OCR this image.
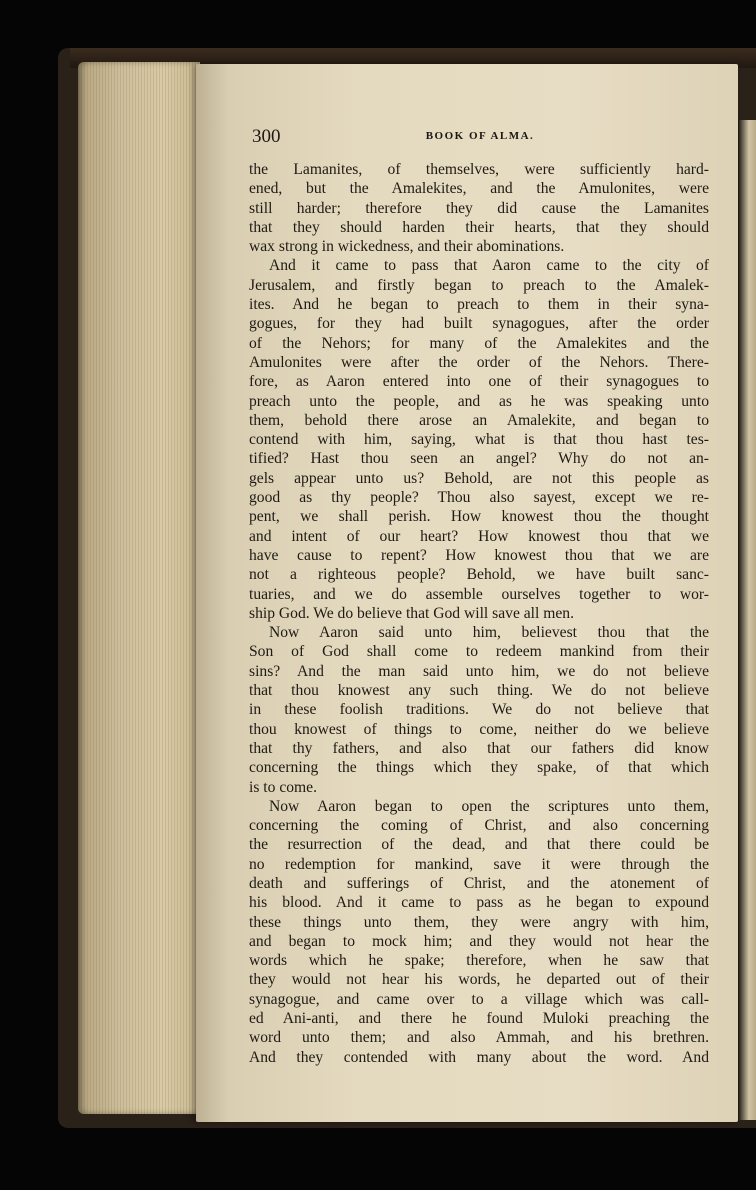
300	BOOK OF ALMA.

the Lamanites, of themselves, were sufficiently hard-

ened, but the Amalekites, and the Amulonites, were

still harder; therefore they did cause the Lamanites

that they should harden their hearts, that they should

wax strong in wickedness, and their abominations.

And it came to pass that Aaron came to the city of

Jerusalem, and firstly began to preach to the Amalek-

ites. And he began to preach to them in their syna-

gogues, for they had built synagogues, after the order

of the Nehors; for many of the Amalekites and the

Amulonites were after the order of the Nehors. There-

fore, as Aaron entered into one of their synagogues to

preach unto the people, and as he was speaking unto

them, behold there arose an Amalekite, and began to

contend with him, saying, what is that thou hast tes-

tified? Hast thou seen an angel? Why do not an-

gels appear unto us? Behold, are not this people as

good as thy people? Thou also sayest, except we re-

pent, we shall perish. How knowest thou the thought

and intent of our heart? How knowest thou that we

have cause to repent? How knowest thou that we are

not a righteous people? Behold, we have built sanc-

tuaries, and we do assemble ourselves together to wor-

ship God. We do believe that God will save all men.

Now Aaron said unto him, believest thou that the

Son of God shall come to redeem mankind from their

sins? And the man said unto him, we do not believe

that thou knowest any such thing. We do not believe

in these foolish traditions. We do not believe that

thou knowest of things to come, neither do we believe

that thy fathers, and also that our fathers did know

concerning the things which they spake, of that which

is to come.

Now Aaron began to open the scriptures unto them,

concerning the coming of Christ, and also concerning

the resurrection of the dead, and that there could be

no redemption for mankind, save it were through the

death and sufferings of Christ, and the atonement of

his blood. And it came to pass as he began to expound

these things unto them, they were angry with him,

and began to mock him; and they would not hear the

words which he spake; therefore, when he saw that

they would not hear his words, he departed out of their

synagogue, and came over to a village which was call-

ed Ani-anti, and there he found Muloki preaching the

word unto them; and also Ammah, and his brethren.

And they contended with many about the word. And
